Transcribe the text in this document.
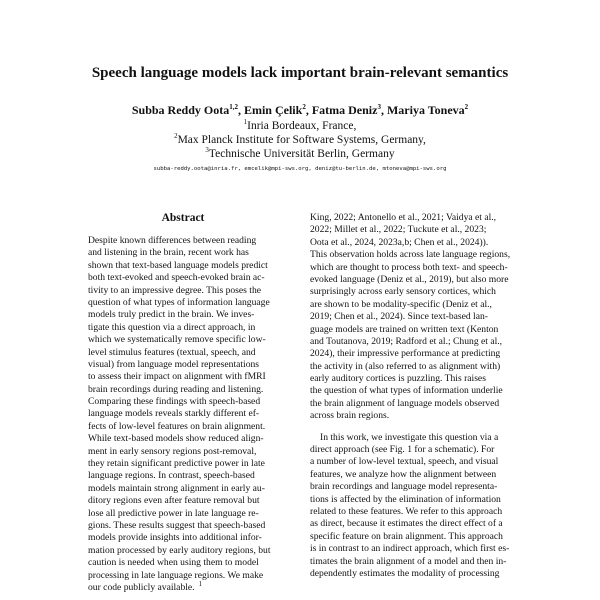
Speech language models lack important brain-relevant semantics
Subba Reddy Oota$^{1,2}$, Emin Çelik$^2$, Fatma Deniz$^3$, Mariya Toneva$^2$
$^1$Inria Bordeaux, France,
$^2$Max Planck Institute for Software Systems, Germany,
$^3$Technische Universität Berlin, Germany
subba-reddy.oota@inria.fr, emcelik@mpi-sws.org, deniz@tu-berlin.de, mtoneva@mpi-sws.org
Abstract
Despite known differences between reading
and listening in the brain, recent work has
shown that text-based language models predict
both text-evoked and speech-evoked brain ac-
tivity to an impressive degree. This poses the
question of what types of information language
models truly predict in the brain. We inves-
tigate this question via a direct approach, in
which we systematically remove specific low-
level stimulus features (textual, speech, and
visual) from language model representations
to assess their impact on alignment with fMRI
brain recordings during reading and listening.
Comparing these findings with speech-based
language models reveals starkly different ef-
fects of low-level features on brain alignment.
While text-based models show reduced align-
ment in early sensory regions post-removal,
they retain significant predictive power in late
language regions. In contrast, speech-based
models maintain strong alignment in early au-
ditory regions even after feature removal but
lose all predictive power in late language re-
gions. These results suggest that speech-based
models provide insights into additional infor-
mation processed by early auditory regions, but
caution is needed when using them to model
processing in late language regions. We make
our code publicly available. $^1$
King, 2022; Antonello et al., 2021; Vaidya et al.,
2022; Millet et al., 2022; Tuckute et al., 2023;
Oota et al., 2024, 2023a,b; Chen et al., 2024)).
This observation holds across late language regions,
which are thought to process both text- and speech-
evoked language (Deniz et al., 2019), but also more
surprisingly across early sensory cortices, which
are shown to be modality-specific (Deniz et al.,
2019; Chen et al., 2024). Since text-based lan-
guage models are trained on written text (Kenton
and Toutanova, 2019; Radford et al.; Chung et al.,
2024), their impressive performance at predicting
the activity in (also referred to as alignment with)
early auditory cortices is puzzling. This raises
the question of what types of information underlie
the brain alignment of language models observed
across brain regions.
In this work, we investigate this question via a
direct approach (see Fig. 1 for a schematic). For
a number of low-level textual, speech, and visual
features, we analyze how the alignment between
brain recordings and language model representa-
tions is affected by the elimination of information
related to these features. We refer to this approach
as direct, because it estimates the direct effect of a
specific feature on brain alignment. This approach
is in contrast to an indirect approach, which first es-
timates the brain alignment of a model and then in-
dependently estimates the modality of processing
